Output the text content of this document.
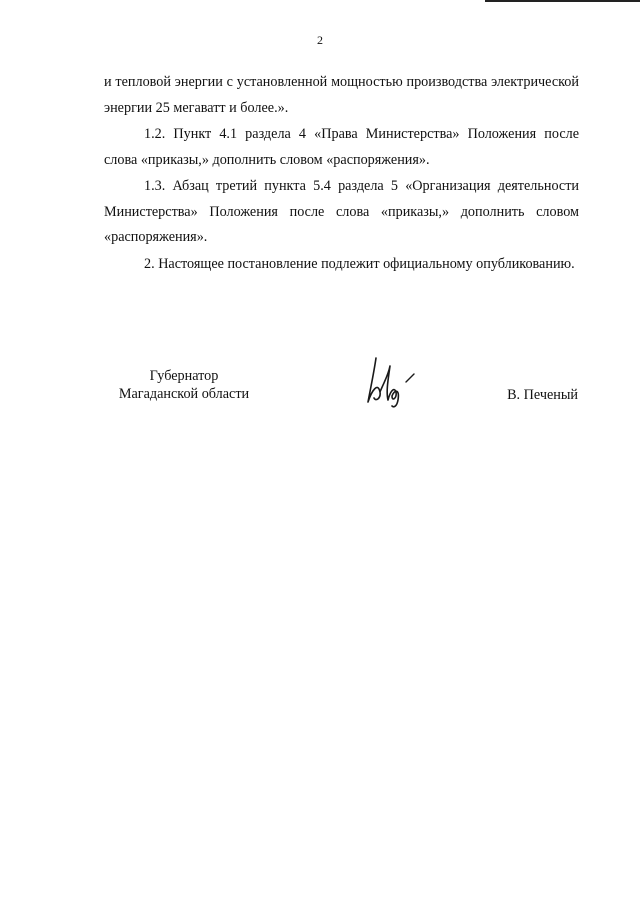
2

и тепловой энергии с установленной мощностью производства электрической энергии 25 мегаватт и более.».

1.2. Пункт 4.1 раздела 4 «Права Министерства» Положения после слова «приказы,» дополнить словом «распоряжения».

1.3. Абзац третий пункта 5.4 раздела 5 «Организация деятельности Министерства» Положения после слова «приказы,» дополнить словом «распоряжения».

2. Настоящее постановление подлежит официальному опубликованию.

Губернатор
Магаданской области	В. Печеный
